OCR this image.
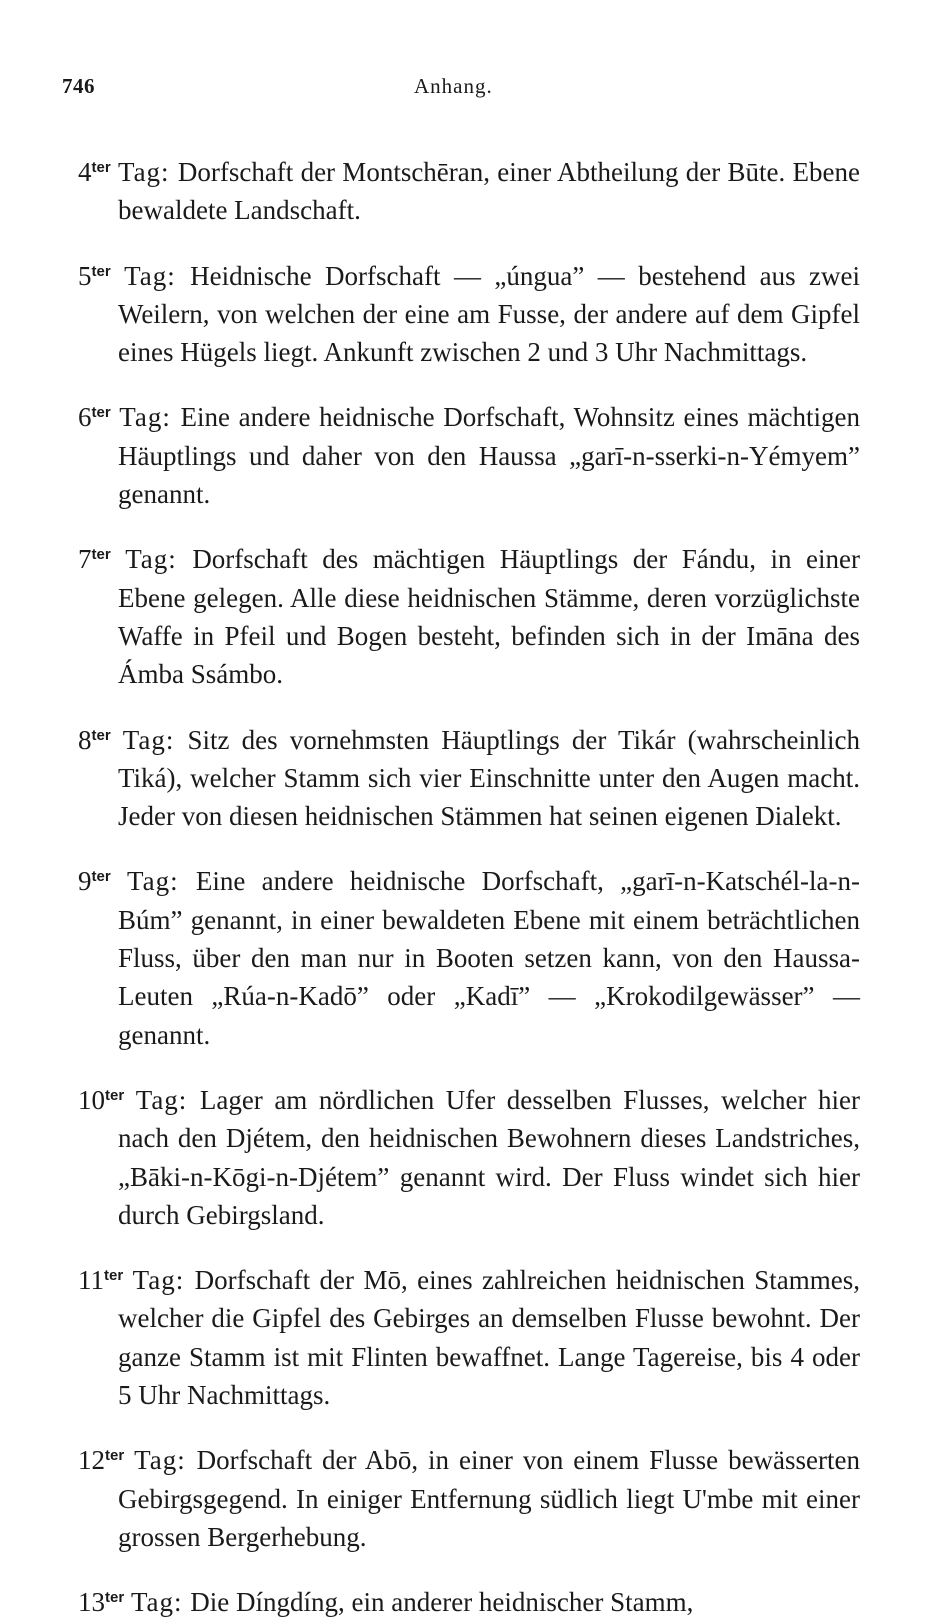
746	Anhang.

$4^{ter}$ Tag: Dorfschaft der Montschēran, einer Abtheilung der Būte. Ebene bewaldete Landschaft.

$5^{ter}$ Tag: Heidnische Dorfschaft — „úngua” — bestehend aus zwei Weilern, von welchen der eine am Fusse, der andere auf dem Gipfel eines Hügels liegt. Ankunft zwischen 2 und 3 Uhr Nachmittags.

$6^{ter}$ Tag: Eine andere heidnische Dorfschaft, Wohnsitz eines mächtigen Häuptlings und daher von den Haussa „garī-n-sserki-n-Yémyem” genannt.

$7^{ter}$ Tag: Dorfschaft des mächtigen Häuptlings der Fándu, in einer Ebene gelegen. Alle diese heidnischen Stämme, deren vorzüglichste Waffe in Pfeil und Bogen besteht, befinden sich in der Imāna des Ámba Ssámbo.

$8^{ter}$ Tag: Sitz des vornehmsten Häuptlings der Tikár (wahrscheinlich Tiká), welcher Stamm sich vier Einschnitte unter den Augen macht. Jeder von diesen heidnischen Stämmen hat seinen eigenen Dialekt.

$9^{ter}$ Tag: Eine andere heidnische Dorfschaft, „garī-n-Katschél-la-n-Búm” genannt, in einer bewaldeten Ebene mit einem beträchtlichen Fluss, über den man nur in Booten setzen kann, von den Haussa-Leuten „Rúa-n-Kadō” oder „Kadī” — „Krokodilgewässer” — genannt.

$10^{ter}$ Tag: Lager am nördlichen Ufer desselben Flusses, welcher hier nach den Djétem, den heidnischen Bewohnern dieses Landstriches, „Bāki-n-Kōgi-n-Djétem” genannt wird. Der Fluss windet sich hier durch Gebirgsland.

$11^{ter}$ Tag: Dorfschaft der Mō, eines zahlreichen heidnischen Stammes, welcher die Gipfel des Gebirges an demselben Flusse bewohnt. Der ganze Stamm ist mit Flinten bewaffnet. Lange Tagereise, bis 4 oder 5 Uhr Nachmittags.

$12^{ter}$ Tag: Dorfschaft der Abō, in einer von einem Flusse bewässerten Gebirgsgegend. In einiger Entfernung südlich liegt U'mbe mit einer grossen Bergerhebung.

$13^{ter}$ Tag: Die Díngdíng, ein anderer heidnischer Stamm,
